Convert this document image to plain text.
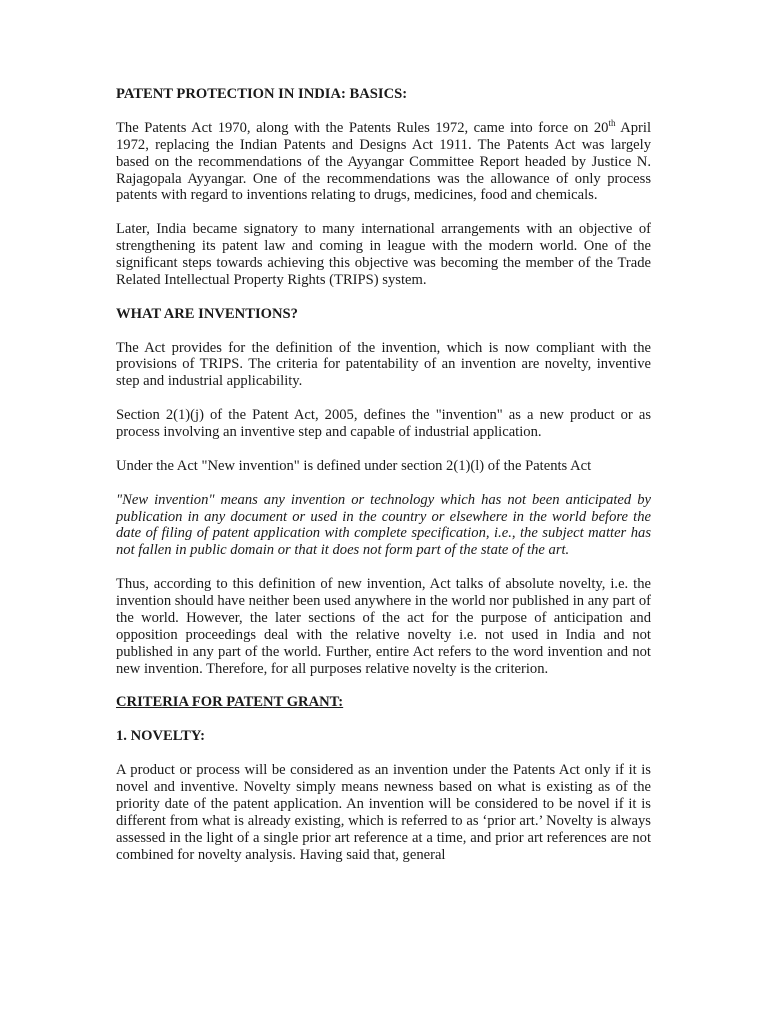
PATENT PROTECTION IN INDIA: BASICS:

The Patents Act 1970, along with the Patents Rules 1972, came into force on 20th April 1972, replacing the Indian Patents and Designs Act 1911. The Patents Act was largely based on the recommendations of the Ayyangar Committee Report headed by Justice N. Rajagopala Ayyangar. One of the recommendations was the allowance of only process patents with regard to inventions relating to drugs, medicines, food and chemicals.

Later, India became signatory to many international arrangements with an objective of strengthening its patent law and coming in league with the modern world. One of the significant steps towards achieving this objective was becoming the member of the Trade Related Intellectual Property Rights (TRIPS) system.

WHAT ARE INVENTIONS?

The Act provides for the definition of the invention, which is now compliant with the provisions of TRIPS. The criteria for patentability of an invention are novelty, inventive step and industrial applicability.

Section 2(1)(j) of the Patent Act, 2005, defines the "invention" as a new product or as process involving an inventive step and capable of industrial application.

Under the Act "New invention" is defined under section 2(1)(l) of the Patents Act

"New invention" means any invention or technology which has not been anticipated by publication in any document or used in the country or elsewhere in the world before the date of filing of patent application with complete specification, i.e., the subject matter has not fallen in public domain or that it does not form part of the state of the art.

Thus, according to this definition of new invention, Act talks of absolute novelty, i.e. the invention should have neither been used anywhere in the world nor published in any part of the world. However, the later sections of the act for the purpose of anticipation and opposition proceedings deal with the relative novelty i.e. not used in India and not published in any part of the world. Further, entire Act refers to the word invention and not new invention. Therefore, for all purposes relative novelty is the criterion.

CRITERIA FOR PATENT GRANT:
1. NOVELTY:

A product or process will be considered as an invention under the Patents Act only if it is novel and inventive. Novelty simply means newness based on what is existing as of the priority date of the patent application. An invention will be considered to be novel if it is different from what is already existing, which is referred to as ‘prior art.’ Novelty is always assessed in the light of a single prior art reference at a time, and prior art references are not combined for novelty analysis. Having said that, general
